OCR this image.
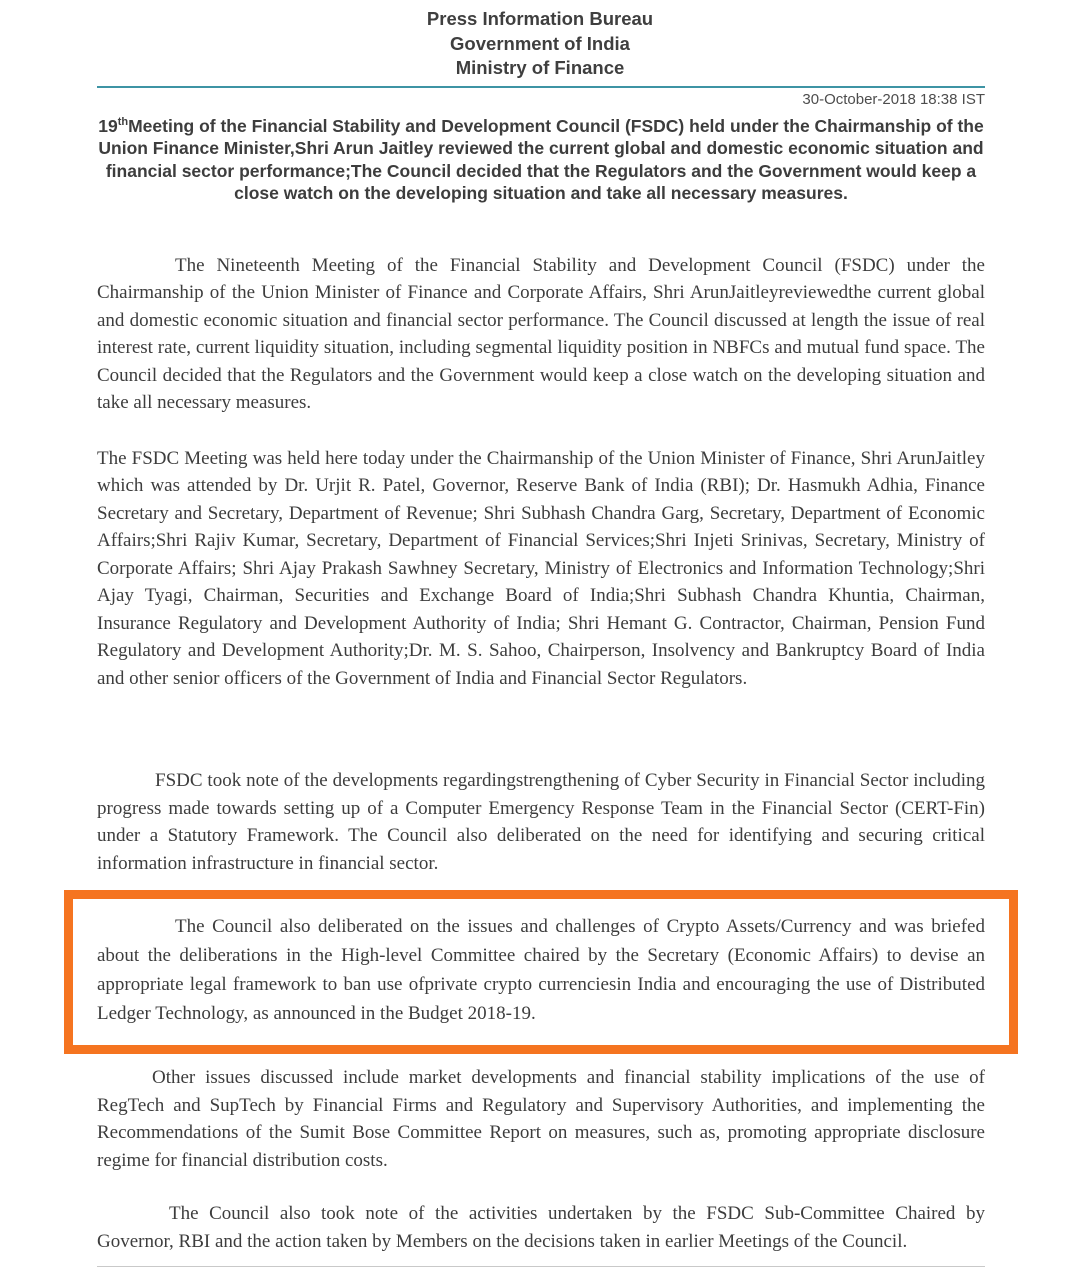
Press Information Bureau
Government of India
Ministry of Finance
30-October-2018 18:38 IST
19thMeeting of the Financial Stability and Development Council (FSDC) held under the Chairmanship of the Union Finance Minister,Shri Arun Jaitley reviewed the current global and domestic economic situation and financial sector performance;The Council decided that the Regulators and the Government would keep a close watch on the developing situation and take all necessary measures.

The Nineteenth Meeting of the Financial Stability and Development Council (FSDC) under the Chairmanship of the Union Minister of Finance and Corporate Affairs, Shri ArunJaitleyreviewedthe current global and domestic economic situation and financial sector performance. The Council discussed at length the issue of real interest rate, current liquidity situation, including segmental liquidity position in NBFCs and mutual fund space. The Council decided that the Regulators and the Government would keep a close watch on the developing situation and take all necessary measures.

The FSDC Meeting was held here today under the Chairmanship of the Union Minister of Finance, Shri ArunJaitley which was attended by Dr. Urjit R. Patel, Governor, Reserve Bank of India (RBI); Dr. Hasmukh Adhia, Finance Secretary and Secretary, Department of Revenue; Shri Subhash Chandra Garg, Secretary, Department of Economic Affairs;Shri Rajiv Kumar, Secretary, Department of Financial Services;Shri Injeti Srinivas, Secretary, Ministry of Corporate Affairs; Shri Ajay Prakash Sawhney Secretary, Ministry of Electronics and Information Technology;Shri Ajay Tyagi, Chairman, Securities and Exchange Board of India;Shri Subhash Chandra Khuntia, Chairman, Insurance Regulatory and Development Authority of India; Shri Hemant G. Contractor, Chairman, Pension Fund Regulatory and Development Authority;Dr. M. S. Sahoo, Chairperson, Insolvency and Bankruptcy Board of India and other senior officers of the Government of India and Financial Sector Regulators.

FSDC took note of the developments regardingstrengthening of Cyber Security in Financial Sector including progress made towards setting up of a Computer Emergency Response Team in the Financial Sector (CERT-Fin) under a Statutory Framework. The Council also deliberated on the need for identifying and securing critical information infrastructure in financial sector.

The Council also deliberated on the issues and challenges of Crypto Assets/Currency and was briefed about the deliberations in the High-level Committee chaired by the Secretary (Economic Affairs) to devise an appropriate legal framework to ban use ofprivate crypto currenciesin India and encouraging the use of Distributed Ledger Technology, as announced in the Budget 2018-19.

Other issues discussed include market developments and financial stability implications of the use of RegTech and SupTech by Financial Firms and Regulatory and Supervisory Authorities, and implementing the Recommendations of the Sumit Bose Committee Report on measures, such as, promoting appropriate disclosure regime for financial distribution costs.

The Council also took note of the activities undertaken by the FSDC Sub-Committee Chaired by Governor, RBI and the action taken by Members on the decisions taken in earlier Meetings of the Council.
